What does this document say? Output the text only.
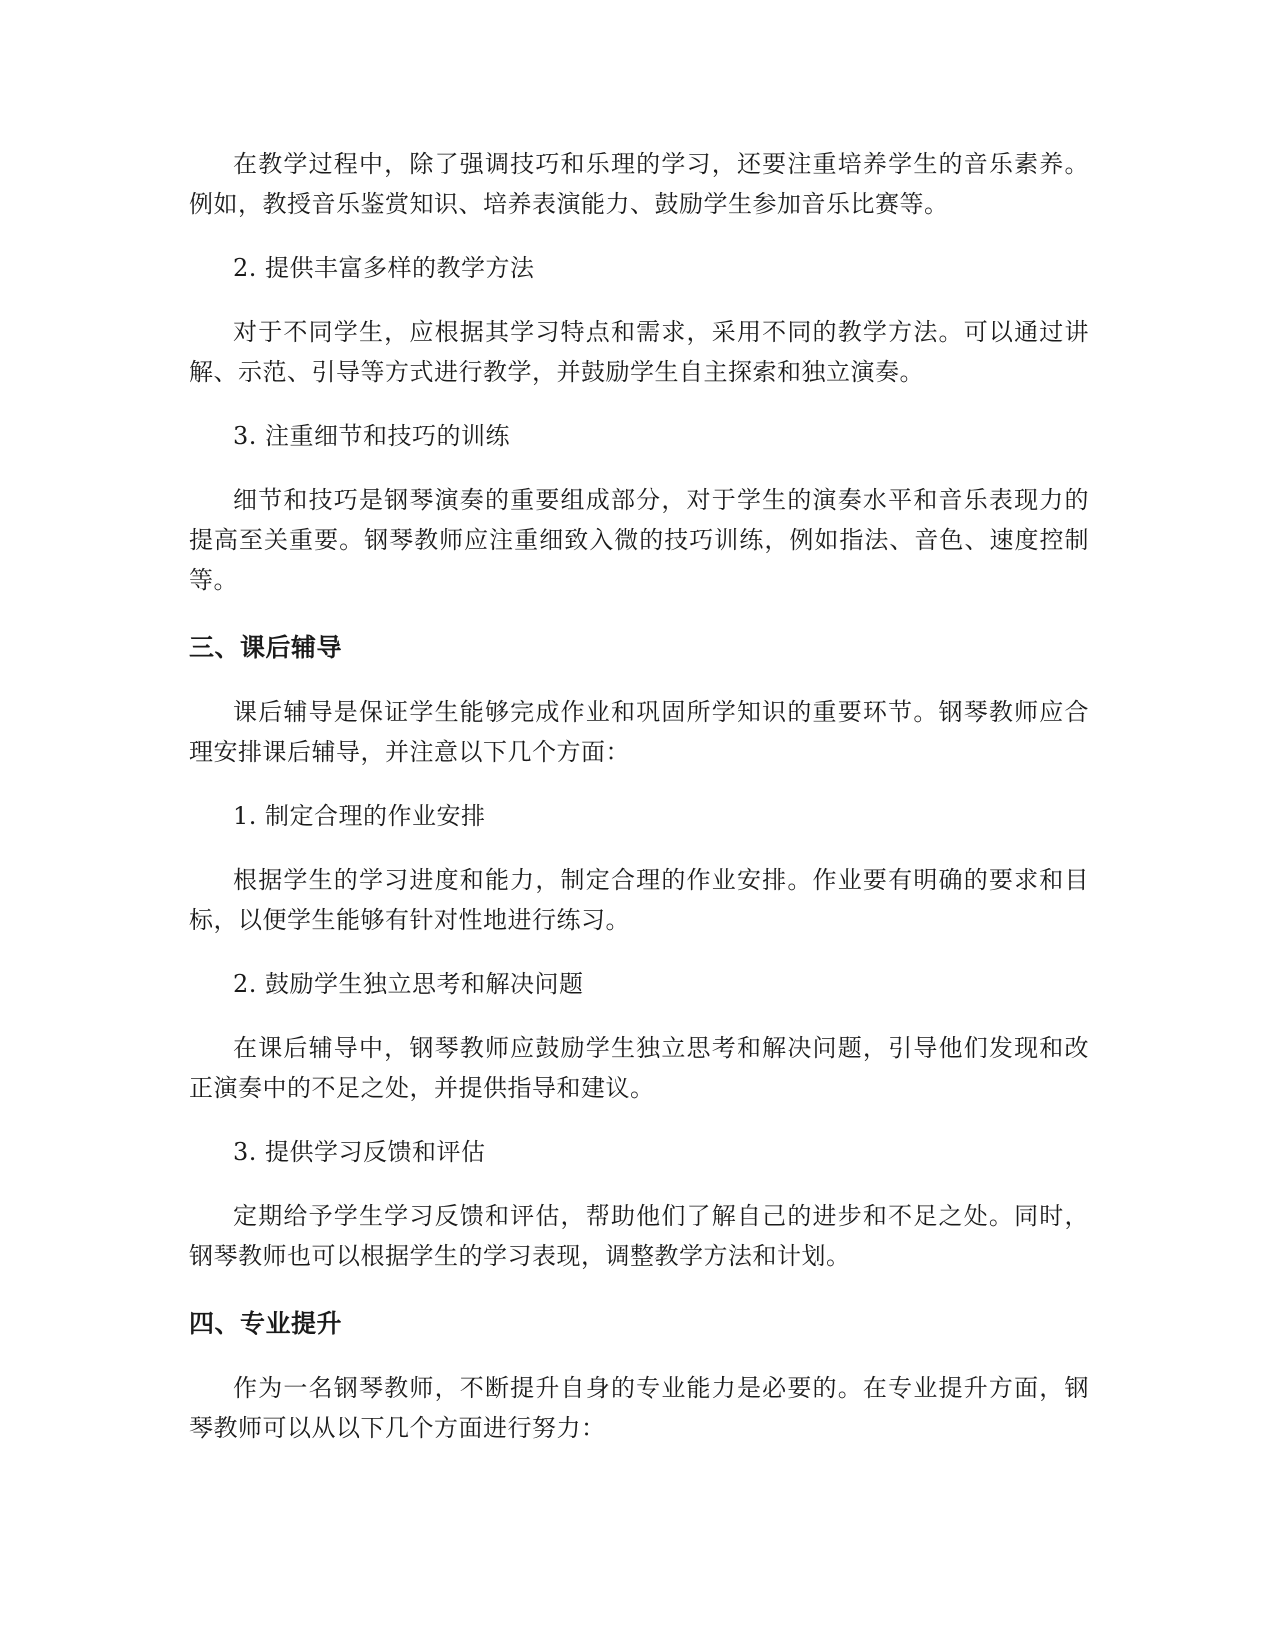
在教学过程中，除了强调技巧和乐理的学习，还要注重培养学生的音乐素养。例如，教授音乐鉴赏知识、培养表演能力、鼓励学生参加音乐比赛等。

2. 提供丰富多样的教学方法

对于不同学生，应根据其学习特点和需求，采用不同的教学方法。可以通过讲解、示范、引导等方式进行教学，并鼓励学生自主探索和独立演奏。

3. 注重细节和技巧的训练

细节和技巧是钢琴演奏的重要组成部分，对于学生的演奏水平和音乐表现力的提高至关重要。钢琴教师应注重细致入微的技巧训练，例如指法、音色、速度控制等。

三、课后辅导

课后辅导是保证学生能够完成作业和巩固所学知识的重要环节。钢琴教师应合理安排课后辅导，并注意以下几个方面：

1. 制定合理的作业安排

根据学生的学习进度和能力，制定合理的作业安排。作业要有明确的要求和目标，以便学生能够有针对性地进行练习。

2. 鼓励学生独立思考和解决问题

在课后辅导中，钢琴教师应鼓励学生独立思考和解决问题，引导他们发现和改正演奏中的不足之处，并提供指导和建议。

3. 提供学习反馈和评估

定期给予学生学习反馈和评估，帮助他们了解自己的进步和不足之处。同时，钢琴教师也可以根据学生的学习表现，调整教学方法和计划。

四、专业提升

作为一名钢琴教师，不断提升自身的专业能力是必要的。在专业提升方面，钢琴教师可以从以下几个方面进行努力：
